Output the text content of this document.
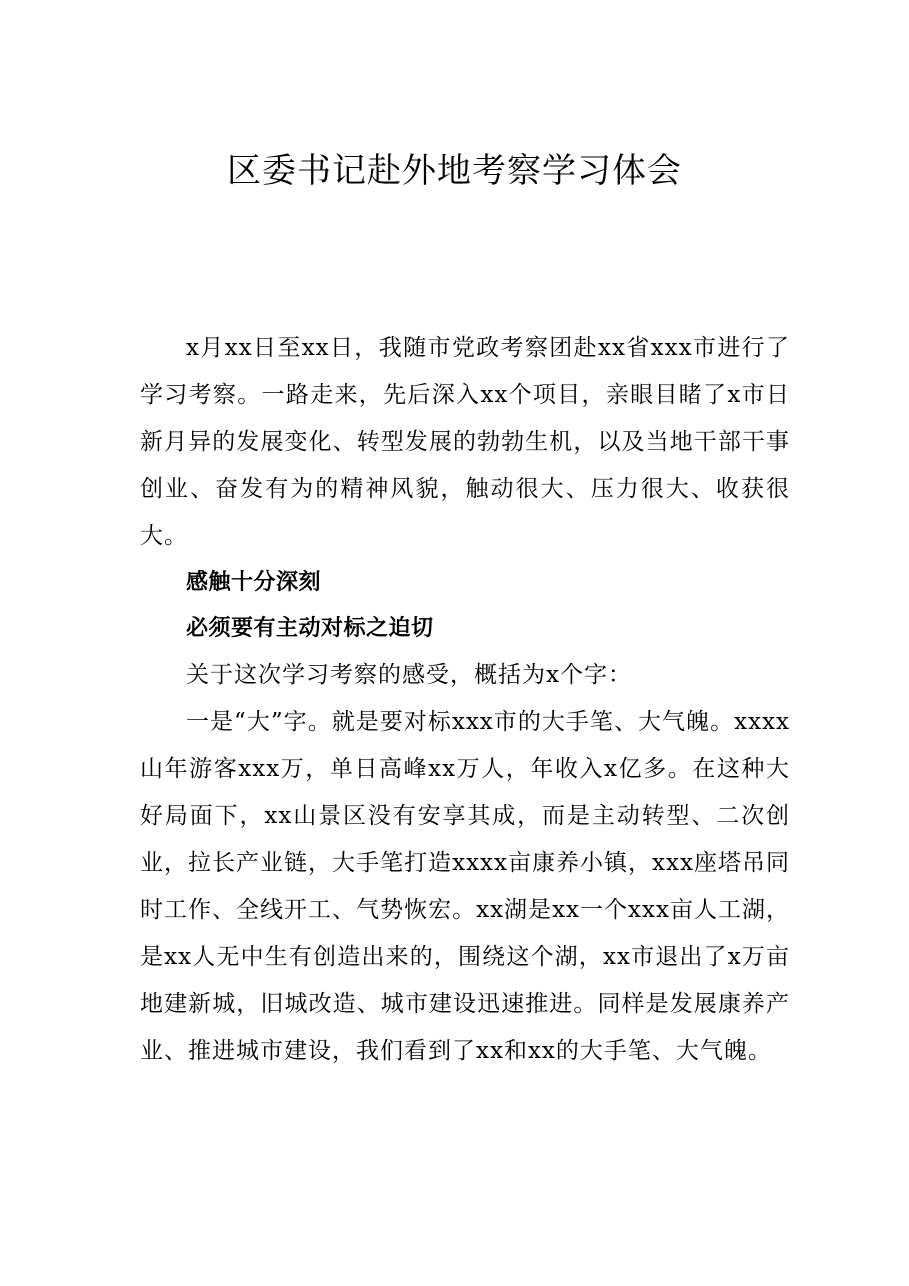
区委书记赴外地考察学习体会

x月xx日至xx日，我随市党政考察团赴xx省xxx市进行了学习考察。一路走来，先后深入xx个项目，亲眼目睹了x市日新月异的发展变化、转型发展的勃勃生机，以及当地干部干事创业、奋发有为的精神风貌，触动很大、压力很大、收获很大。

感触十分深刻

必须要有主动对标之迫切

关于这次学习考察的感受，概括为x个字：

一是“大”字。就是要对标xxx市的大手笔、大气魄。xxxx山年游客xxx万，单日高峰xx万人，年收入x亿多。在这种大好局面下，xx山景区没有安享其成，而是主动转型、二次创业，拉长产业链，大手笔打造xxxx亩康养小镇，xxx座塔吊同时工作、全线开工、气势恢宏。xx湖是xx一个xxx亩人工湖，是xx人无中生有创造出来的，围绕这个湖，xx市退出了x万亩地建新城，旧城改造、城市建设迅速推进。同样是发展康养产业、推进城市建设，我们看到了xx和xx的大手笔、大气魄。
